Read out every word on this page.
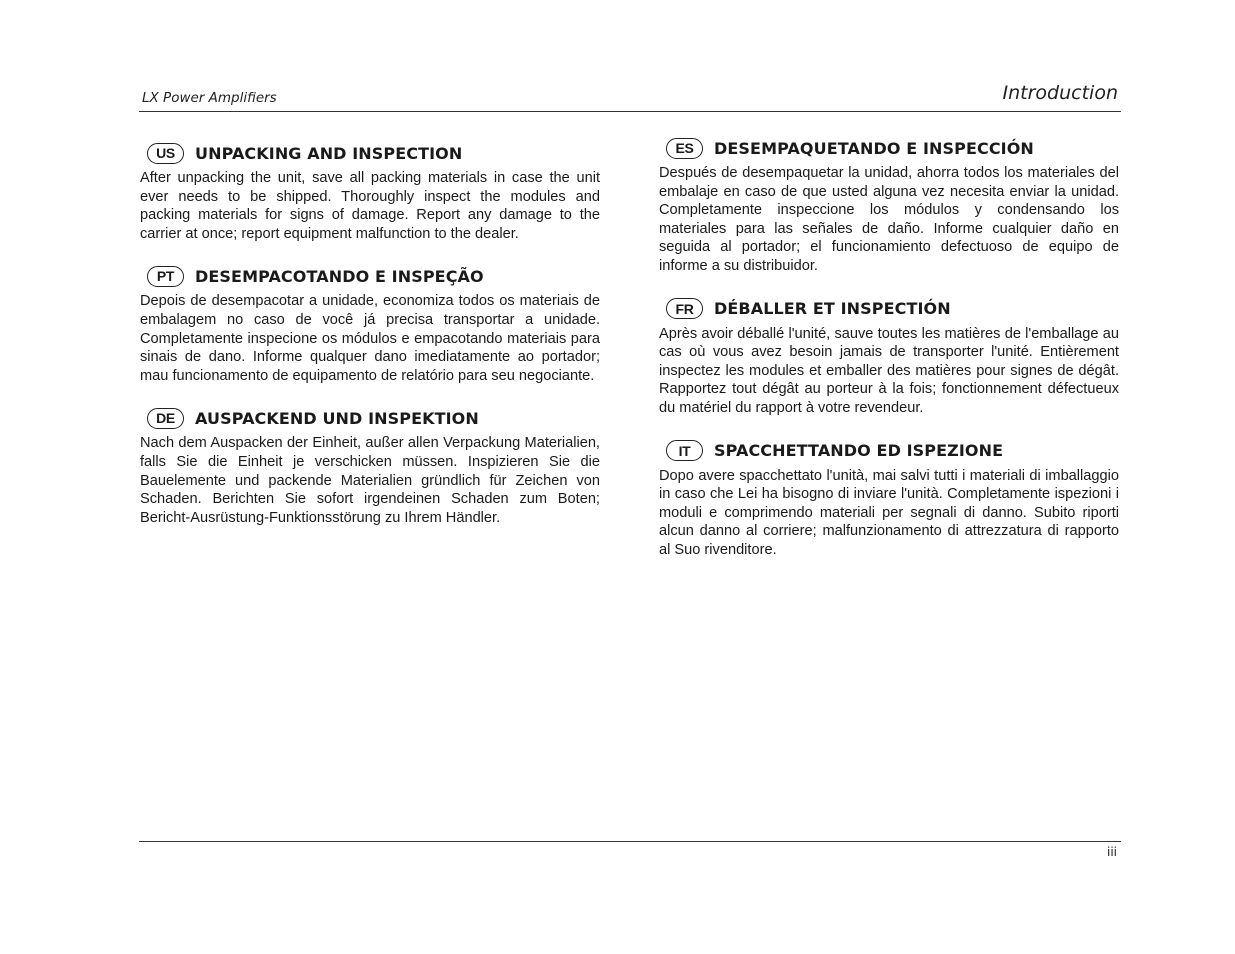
LX Power Amplifiers	Introduction
US	UNPACKING AND INSPECTION

After unpacking the unit, save all packing materials in case the unit ever needs to be shipped. Thoroughly inspect the modules and packing materials for signs of damage. Report any damage to the carrier at once; report equipment malfunction to the dealer.

PT	DESEMPACOTANDO E INSPEÇÃO

Depois de desempacotar a unidade, economiza todos os materiais de embalagem no caso de você já precisa transportar a unidade. Completamente inspecione os módulos e empacotando materiais para sinais de dano. Informe qualquer dano imediatamente ao portador; mau funcionamento de equipamento de relatório para seu negociante.

DE	AUSPACKEND UND INSPEKTION

Nach dem Auspacken der Einheit, außer allen Verpackung Materialien, falls Sie die Einheit je verschicken müssen. Inspizieren Sie die Bauelemente und packende Materialien gründlich für Zeichen von Schaden. Berichten Sie sofort irgendeinen Schaden zum Boten; Bericht-Ausrüstung-Funktionsstörung zu Ihrem Händler.

ES	DESEMPAQUETANDO E INSPECCIÓN

Después de desempaquetar la unidad, ahorra todos los materiales del embalaje en caso de que usted alguna vez necesita enviar la unidad. Completamente inspeccione los módulos y condensando los materiales para las señales de daño. Informe cualquier daño en seguida al portador; el funcionamiento defectuoso de equipo de informe a su distribuidor.

FR	DÉBALLER ET INSPECTIÓN

Après avoir déballé l'unité, sauve toutes les matières de l'emballage au cas où vous avez besoin jamais de transporter l'unité. Entièrement inspectez les modules et emballer des matières pour signes de dégât. Rapportez tout dégât au porteur à la fois; fonctionnement défectueux du matériel du rapport à votre revendeur.

IT	SPACCHETTANDO ED ISPEZIONE

Dopo avere spacchettato l'unità, mai salvi tutti i materiali di imballaggio in caso che Lei ha bisogno di inviare l'unità. Completamente ispezioni i moduli e comprimendo materiali per segnali di danno. Subito riporti alcun danno al corriere; malfunzionamento di attrezzatura di rapporto al Suo rivenditore.

iii
